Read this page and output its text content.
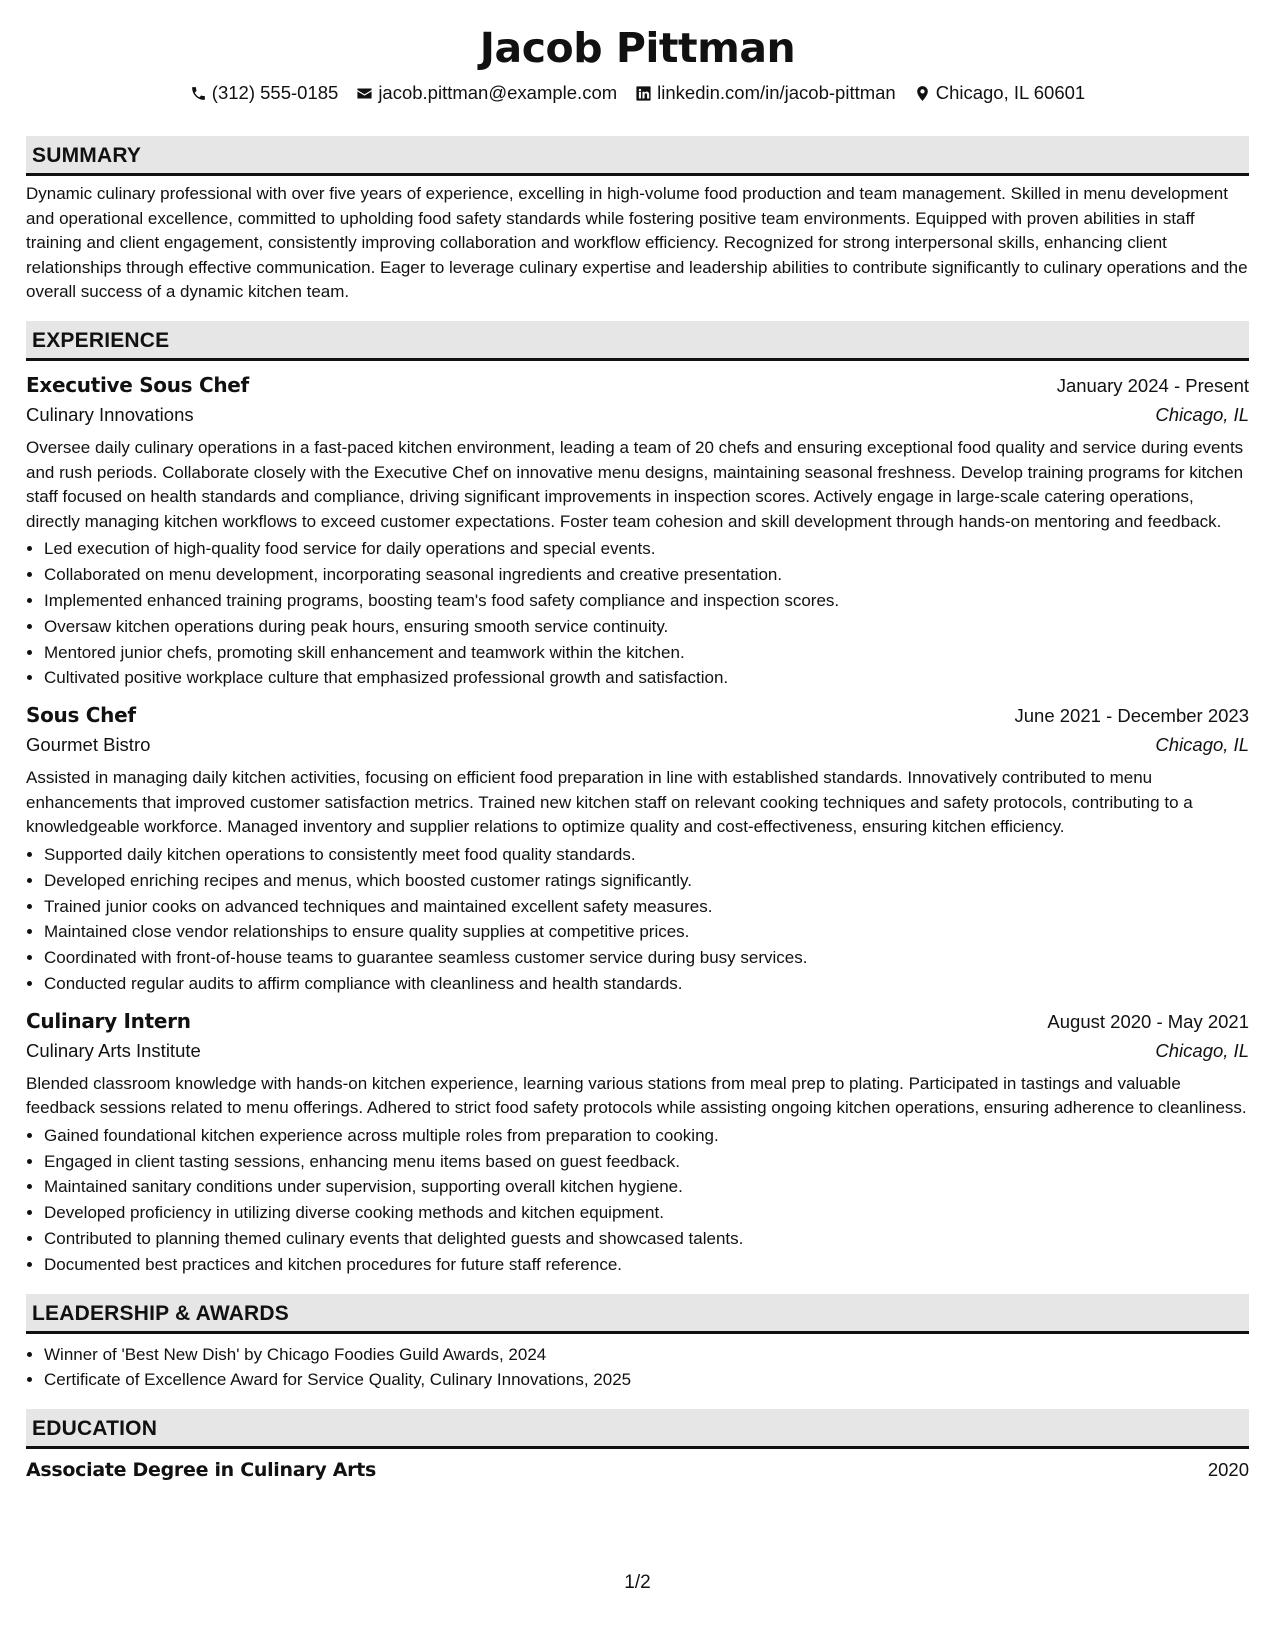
Jacob Pittman
(312) 555-0185 jacob.pittman@example.com linkedin.com/in/jacob-pittman Chicago, IL 60601
SUMMARY

Dynamic culinary professional with over five years of experience, excelling in high-volume food production and team management. Skilled in menu development and operational excellence, committed to upholding food safety standards while fostering positive team environments. Equipped with proven abilities in staff training and client engagement, consistently improving collaboration and workflow efficiency. Recognized for strong interpersonal skills, enhancing client relationships through effective communication. Eager to leverage culinary expertise and leadership abilities to contribute significantly to culinary operations and the overall success of a dynamic kitchen team.

EXPERIENCE
Executive Sous Chef	January 2024 - Present
Culinary Innovations	Chicago, IL

Oversee daily culinary operations in a fast-paced kitchen environment, leading a team of 20 chefs and ensuring exceptional food quality and service during events and rush periods. Collaborate closely with the Executive Chef on innovative menu designs, maintaining seasonal freshness. Develop training programs for kitchen staff focused on health standards and compliance, driving significant improvements in inspection scores. Actively engage in large-scale catering operations, directly managing kitchen workflows to exceed customer expectations. Foster team cohesion and skill development through hands-on mentoring and feedback.

• Led execution of high-quality food service for daily operations and special events.
• Collaborated on menu development, incorporating seasonal ingredients and creative presentation.
• Implemented enhanced training programs, boosting team's food safety compliance and inspection scores.
• Oversaw kitchen operations during peak hours, ensuring smooth service continuity.
• Mentored junior chefs, promoting skill enhancement and teamwork within the kitchen.
• Cultivated positive workplace culture that emphasized professional growth and satisfaction.
Sous Chef	June 2021 - December 2023
Gourmet Bistro	Chicago, IL

Assisted in managing daily kitchen activities, focusing on efficient food preparation in line with established standards. Innovatively contributed to menu enhancements that improved customer satisfaction metrics. Trained new kitchen staff on relevant cooking techniques and safety protocols, contributing to a knowledgeable workforce. Managed inventory and supplier relations to optimize quality and cost-effectiveness, ensuring kitchen efficiency.

• Supported daily kitchen operations to consistently meet food quality standards.
• Developed enriching recipes and menus, which boosted customer ratings significantly.
• Trained junior cooks on advanced techniques and maintained excellent safety measures.
• Maintained close vendor relationships to ensure quality supplies at competitive prices.
• Coordinated with front-of-house teams to guarantee seamless customer service during busy services.
• Conducted regular audits to affirm compliance with cleanliness and health standards.
Culinary Intern	August 2020 - May 2021
Culinary Arts Institute	Chicago, IL

Blended classroom knowledge with hands-on kitchen experience, learning various stations from meal prep to plating. Participated in tastings and valuable feedback sessions related to menu offerings. Adhered to strict food safety protocols while assisting ongoing kitchen operations, ensuring adherence to cleanliness.

• Gained foundational kitchen experience across multiple roles from preparation to cooking.
• Engaged in client tasting sessions, enhancing menu items based on guest feedback.
• Maintained sanitary conditions under supervision, supporting overall kitchen hygiene.
• Developed proficiency in utilizing diverse cooking methods and kitchen equipment.
• Contributed to planning themed culinary events that delighted guests and showcased talents.
• Documented best practices and kitchen procedures for future staff reference.
LEADERSHIP & AWARDS
• Winner of 'Best New Dish' by Chicago Foodies Guild Awards, 2024
• Certificate of Excellence Award for Service Quality, Culinary Innovations, 2025
EDUCATION
Associate Degree in Culinary Arts	2020
1/2
